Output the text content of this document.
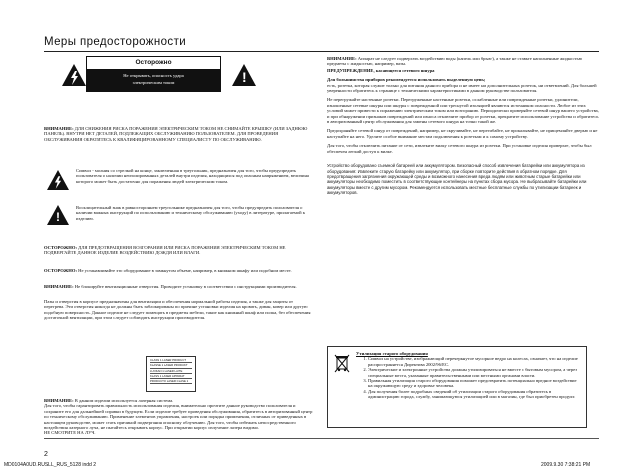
Меры предосторожности
Осторожно
Не открывать, опасность удара
электрическим током	!

ВНИМАНИЕ: ДЛЯ СНИЖЕНИЯ РИСКА ПОРАЖЕНИЯ ЭЛЕКТРИЧЕСКИМ ТОКОМ НЕ СНИМАЙТЕ КРЫШКУ (ИЛИ ЗАДНЮЮ ПАНЕЛЬ). ВНУТРИ НЕТ ДЕТАЛЕЙ, ПОДЛЕЖАЩИХ ОБСЛУЖИВАНИЮ ПОЛЬЗОВАТЕЛЕМ. ДЛЯ ПРОВЕДЕНИЯ ОБСЛУЖИВАНИЯ ОБРАТИТЕСЬ К КВАЛИФИЦИРОВАННОМУ СПЕЦИАЛИСТУ ПО ОБСЛУЖИВАНИЮ.

Символ - молния со стрелкой на конце, заключенная в треугольник, предназначен для того, чтобы предупредить пользователя о наличии неизолированных деталей внутри изделия, находящихся под опасным напряжением, величина которого может быть достаточно для поражения людей электрическим током.

!

Восклицательный знак в равностороннем треугольнике предназначен для того, чтобы предупредить пользователя о наличии важных инструкций по использованию и техническому обслуживанию (уходу) в литературе, прилагаемой к изделию.

ОСТОРОЖНО: ДЛЯ ПРЕДОТВРАЩЕНИЯ ВОЗГОРАНИЯ ИЛИ РИСКА ПОРАЖЕНИЯ ЭЛЕКТРИЧЕСКИМ ТОКОМ НЕ ПОДВЕРГАЙТЕ ДАННОЕ ИЗДЕЛИЕ ВОЗДЕЙСТВИЮ ДОЖДЯ ИЛИ ВЛАГИ.

ОСТОРОЖНО: Не устанавливайте это оборудование в замкнутом объеме, например, в книжном шкафу или подобном месте.

ВНИМАНИЕ: Не блокируйте вентиляционные отверстия. Проводите установку в соответствии с инструкциями производителя.

Пазы и отверстия в корпусе предназначены для вентиляции и обеспечения нормальной работы изделия, а также для защиты от перегрева. Эти отверстия никогда не должны быть заблокированы по причине установки изделия на кровать, диван, ковер или другую подобную поверхность. Данное изделие не следует помещать в предметы мебели, такие как книжный шкаф или полка, без обеспечения достаточной вентиляции, при этом следует соблюдать инструкции производителя.

CLASS 1 LASER PRODUCT
KLASSE 1 LASER PRODUKT
LUOKAN 1 LASER LAITE
KLASS 1 LASER APPARAT
PRODUCTO LASER CLASE 1

ВНИМАНИЕ: В данном изделии используется лазерная система.

Для того, чтобы гарантировать правильность использования изделия, внимательно прочтите данное руководство пользователя и сохраните его для дальнейшей справки в будущем. Если изделие требует проведения обслуживания, обратитесь в авторизованный центр по техническому обслуживанию. Применение элементов управления, настроек или порядка применения, отличных от приведенных в настоящем руководстве, может стать причиной подвергания опасному облучению. Для того, чтобы избежать непосредственного воздействия лазерного луча, не пытайтесь открывать корпус. При открытии корпус излучение лазера видимо.

НЕ СМОТРИТЕ НА ЛУЧ.

2

ВНИМАНИЕ: Аппарат не следует подвергать воздействию воды (капель или брызг), а также не ставьте наполненные жидкостью предметы с жидкостью, например, вазы.

ПРЕДУПРЕЖДЕНИЕ, касающееся сетевого шнура

Для большинства приборов рекомендуется использовать выделенную цепь;

есть, розетка, которая служит только для питания данного прибора и не имеет ни дополнительных розеток, ни ответвлений. Для большей уверенности обратитесь к странице с техническими характеристиками в данном руководстве пользователя.

Не перегружайте настенные розетки. Перегруженные настенные розетки, ослабленные или поврежденные розетки, удлинители, изношенные сетевые шнуры или шнуры с поврежденной или треснутой изоляцией являются источником опасности. Любое из этих условий может привести к поражению электрическим током или возгоранию. Периодически проверяйте сетевой шнур вашего устройства, и при обнаружении признаков повреждений или износа отключите прибор от розетки, прекратите использование устройства и обратитесь в авторизованный центр обслуживания для замены сетевого шнура на точно такой же.

Предохраняйте сетевой шнур от повреждений, например, не скручивайте, не перегибайте, не прокалывайте, не прищемляйте дверью и не наступайте на него. Уделите особое внимание местам подключения к розеткам и к самому устройству.

Для того, чтобы отключить питание от сети, извлеките вилку сетевого шнура из розетки. При установке изделия проверьте, чтобы был обеспечен легкий доступ к вилке.

Устройство оборудовано съемной батареей или аккумулятором. Безопасный способ извлечения батарейки или аккумулятора из оборудования: Извлеките старую батарейку или аккумулятор, при сборке повторите действия в обратном порядке. Для предотвращения загрязнения окружающей среды и возможного нанесения вреда людям или животным старые батарейки или аккумуляторы необходимо поместить в соответствующие контейнеры на пунктах сбора мусора. Не выбрасывайте батарейки или аккумуляторы вместе с другим мусором. Рекомендуется использовать местные бесплатные службы по утилизации батареек и аккумуляторов.

Утилизация старого оборудования

1. Символ на устройстве, изображающий перечеркнутое мусорное ведро на колесах, означает, что на изделие распространяется Директива 2002/96/ЕС.
2. Электрические и электронные устройства должны утилизироваться не вместе с бытовым мусором, а через специальные места, указанные правительственными или местными органами власти.
3. Правильная утилизация старого оборудования поможет предотвратить потенциально вредное воздействие на окружающую среду и здоровье человека.
4. Для получения более подробных сведений об утилизации старого оборудования обратитесь в администрацию города, службу, занимающуюся утилизацией или в магазин, где был приобретен продукт.
MD0104A0UD.RUSLL_RUS_5128 indd 2	2009.9.30 7:38:21 PM
